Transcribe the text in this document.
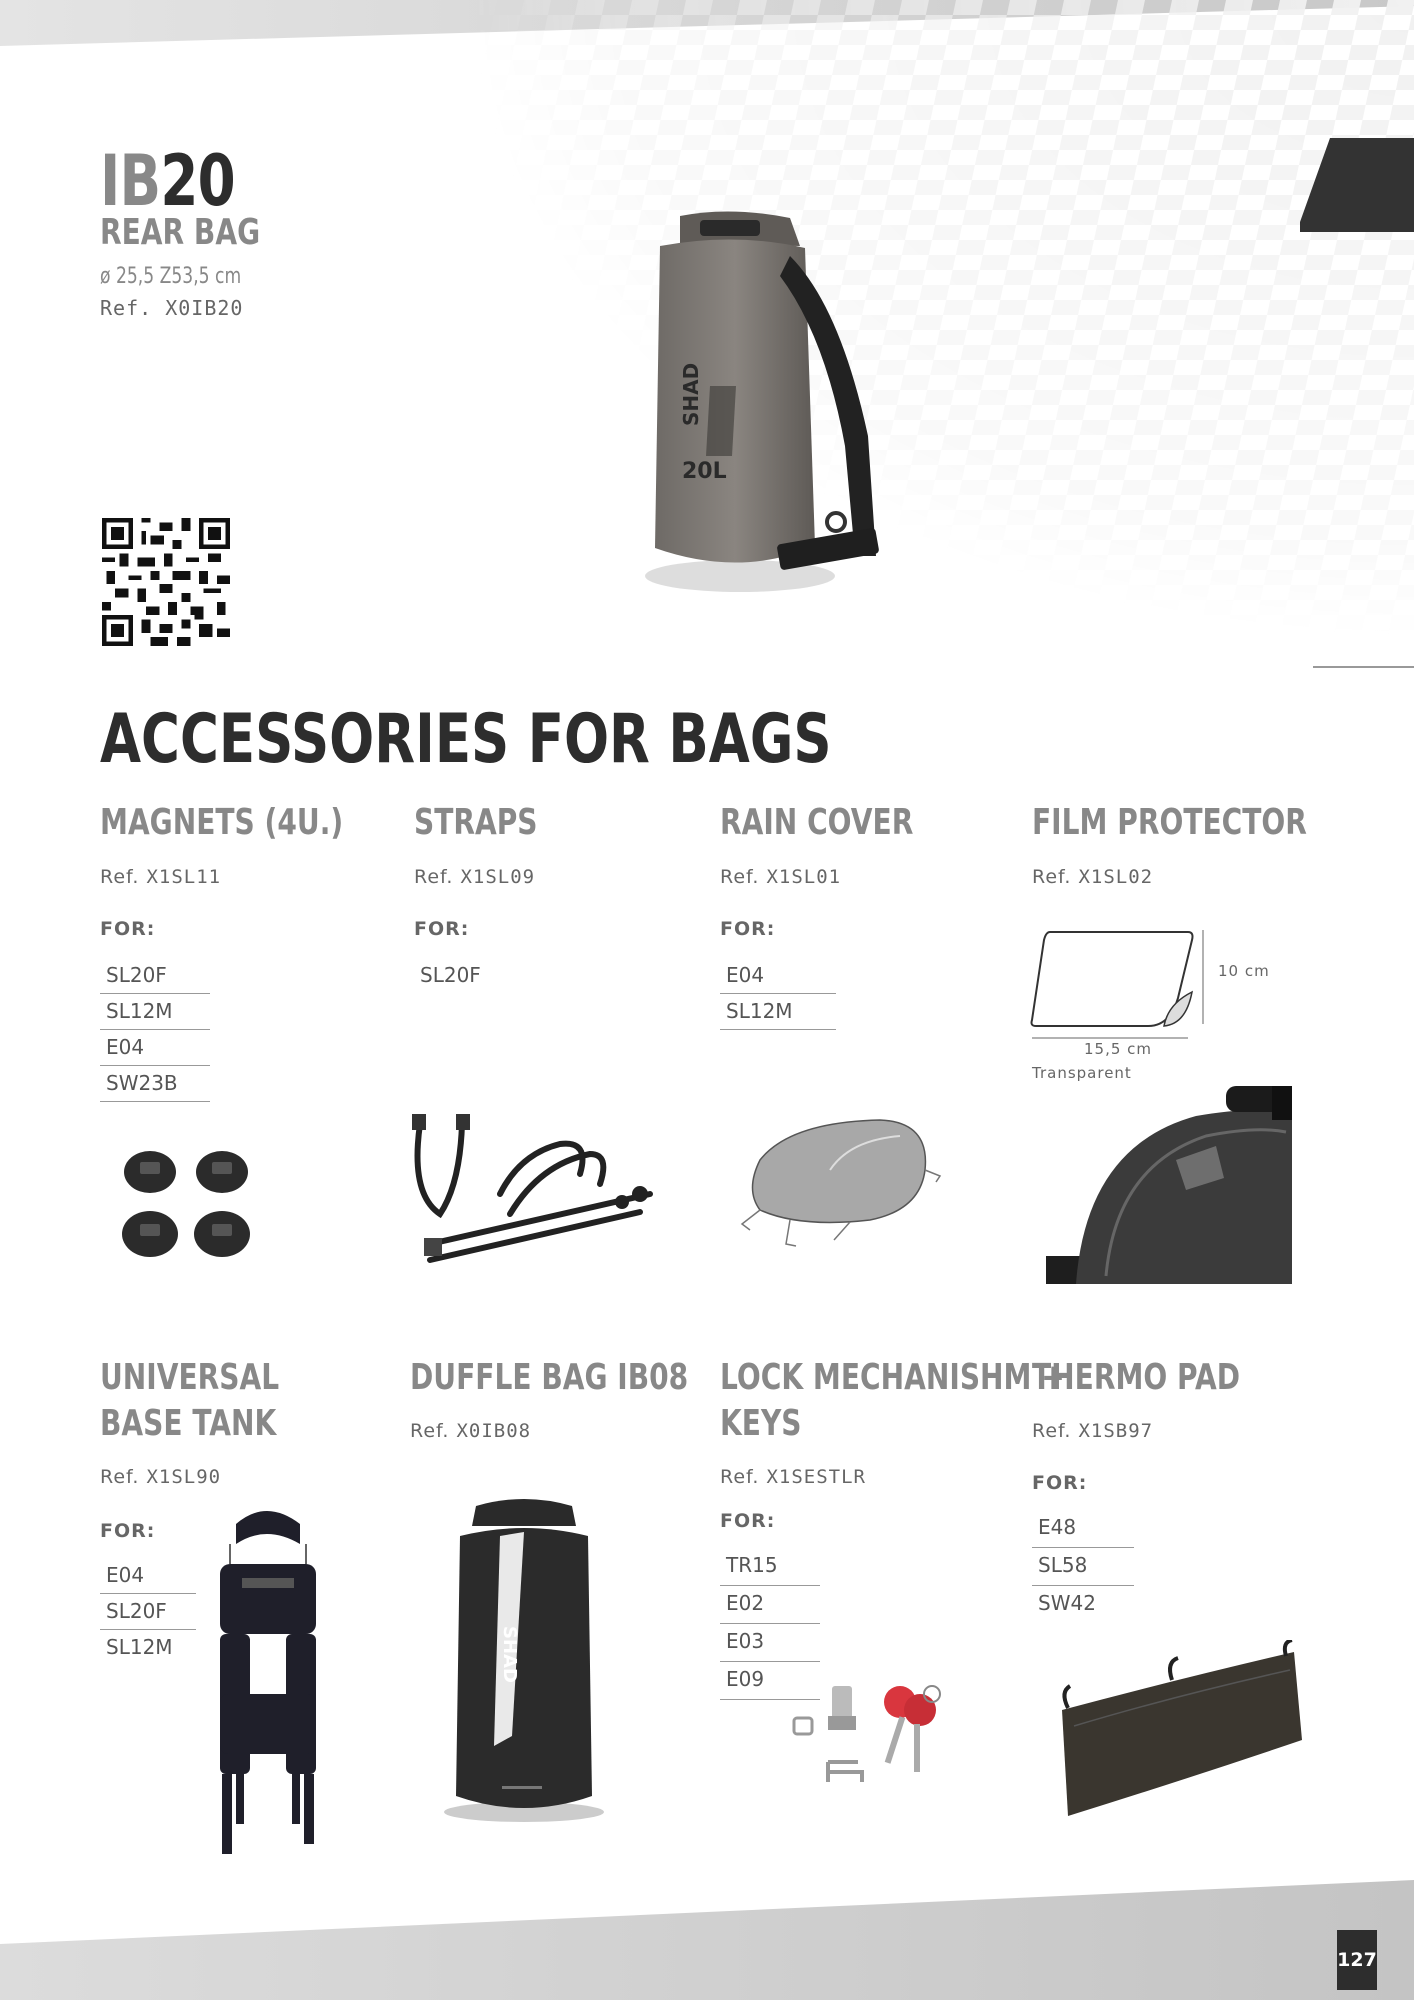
IB20
REAR BAG
ø 25,5 Z53,5 cm
Ref. X0IB20
SHAD
20L
ACCESSORIES FOR BAGS
MAGNETS (4U.)
Ref. X1SL11
FOR:
SL20F
SL12M
E04
SW23B
STRAPS
Ref. X1SL09
FOR:
SL20F
RAIN COVER
Ref. X1SL01
FOR:
E04
SL12M
FILM PROTECTOR
Ref. X1SL02
10 cm
15,5 cm
Transparent
UNIVERSAL
BASE TANK
Ref. X1SL90
FOR:
E04
SL20F
SL12M
DUFFLE BAG IB08
Ref. X0IB08
SHAD
LOCK MECHANISHM +
KEYS
Ref. X1SESTLR
FOR:
TR15
E02
E03
E09
THERMO PAD
Ref. X1SB97
FOR:
E48
SL58
SW42
127
